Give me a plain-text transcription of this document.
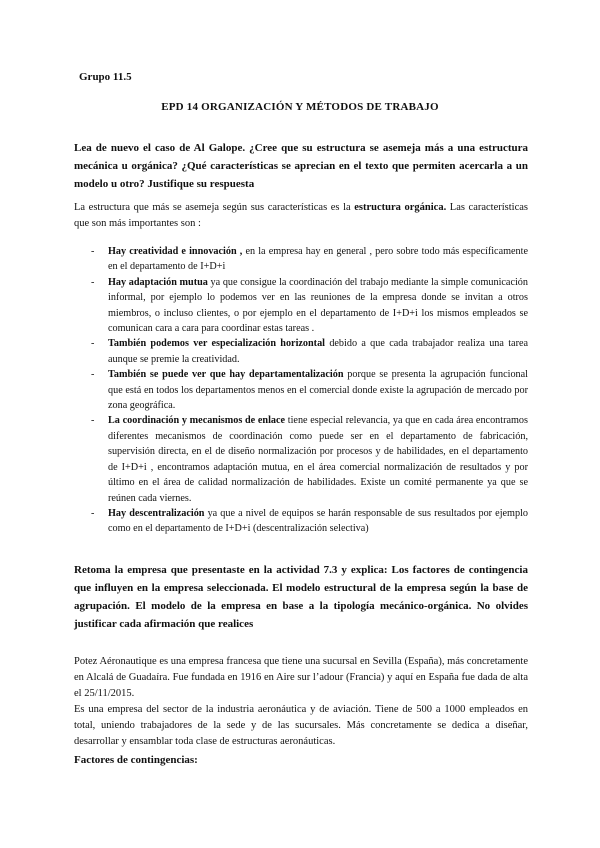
Grupo 11.5
EPD 14 ORGANIZACIÓN Y MÉTODOS DE TRABAJO
Lea de nuevo el caso de Al Galope. ¿Cree que su estructura se asemeja más a una estructura mecánica u orgánica? ¿Qué características se aprecian en el texto que permiten acercarla a un modelo u otro? Justifique su respuesta
La estructura que más se asemeja según sus características es la estructura orgánica. Las características que son más importantes son :
- Hay creatividad e innovación , en la empresa hay en general , pero sobre todo más específicamente en el departamento de I+D+i
- Hay adaptación mutua ya que consigue la coordinación del trabajo mediante la simple comunicación informal, por ejemplo lo podemos ver en las reuniones de la empresa donde se invitan a otros miembros, o incluso clientes, o por ejemplo en el departamento de I+D+i los mismos empleados se comunican cara a cara para coordinar estas tareas .
- También podemos ver especialización horizontal debido a que cada trabajador realiza una tarea aunque se premie la creatividad.
- También se puede ver que hay departamentalización porque se presenta la agrupación funcional que está en todos los departamentos menos en el comercial donde existe la agrupación de mercado por zona geográfica.
- La coordinación y mecanismos de enlace tiene especial relevancia, ya que en cada área encontramos diferentes mecanismos de coordinación como puede ser en el departamento de fabricación, supervisión directa, en el de diseño normalización por procesos y de habilidades, en el departamento de I+D+i , encontramos adaptación mutua, en el área comercial normalización de resultados y por último en el área de calidad normalización de habilidades. Existe un comité permanente ya que se reúnen cada viernes.
- Hay descentralización ya que a nivel de equipos se harán responsable de sus resultados por ejemplo como en el departamento de I+D+i (descentralización selectiva)
Retoma la empresa que presentaste en la actividad 7.3 y explica: Los factores de contingencia que influyen en la empresa seleccionada. El modelo estructural de la empresa según la base de agrupación. El modelo de la empresa en base a la tipología mecánico-orgánica. No olvides justificar cada afirmación que realices
Potez Aéronautique es una empresa francesa que tiene una sucursal en Sevilla (España), más concretamente en Alcalá de Guadaíra. Fue fundada en 1916 en Aire sur l’adour (Francia) y aquí en España fue dada de alta el 25/11/2015.
Es una empresa del sector de la industria aeronáutica y de aviación. Tiene de 500 a 1000 empleados en total, uniendo trabajadores de la sede y de las sucursales. Más concretamente se dedica a diseñar, desarrollar y ensamblar toda clase de estructuras aeronáuticas.
Factores de contingencias:
